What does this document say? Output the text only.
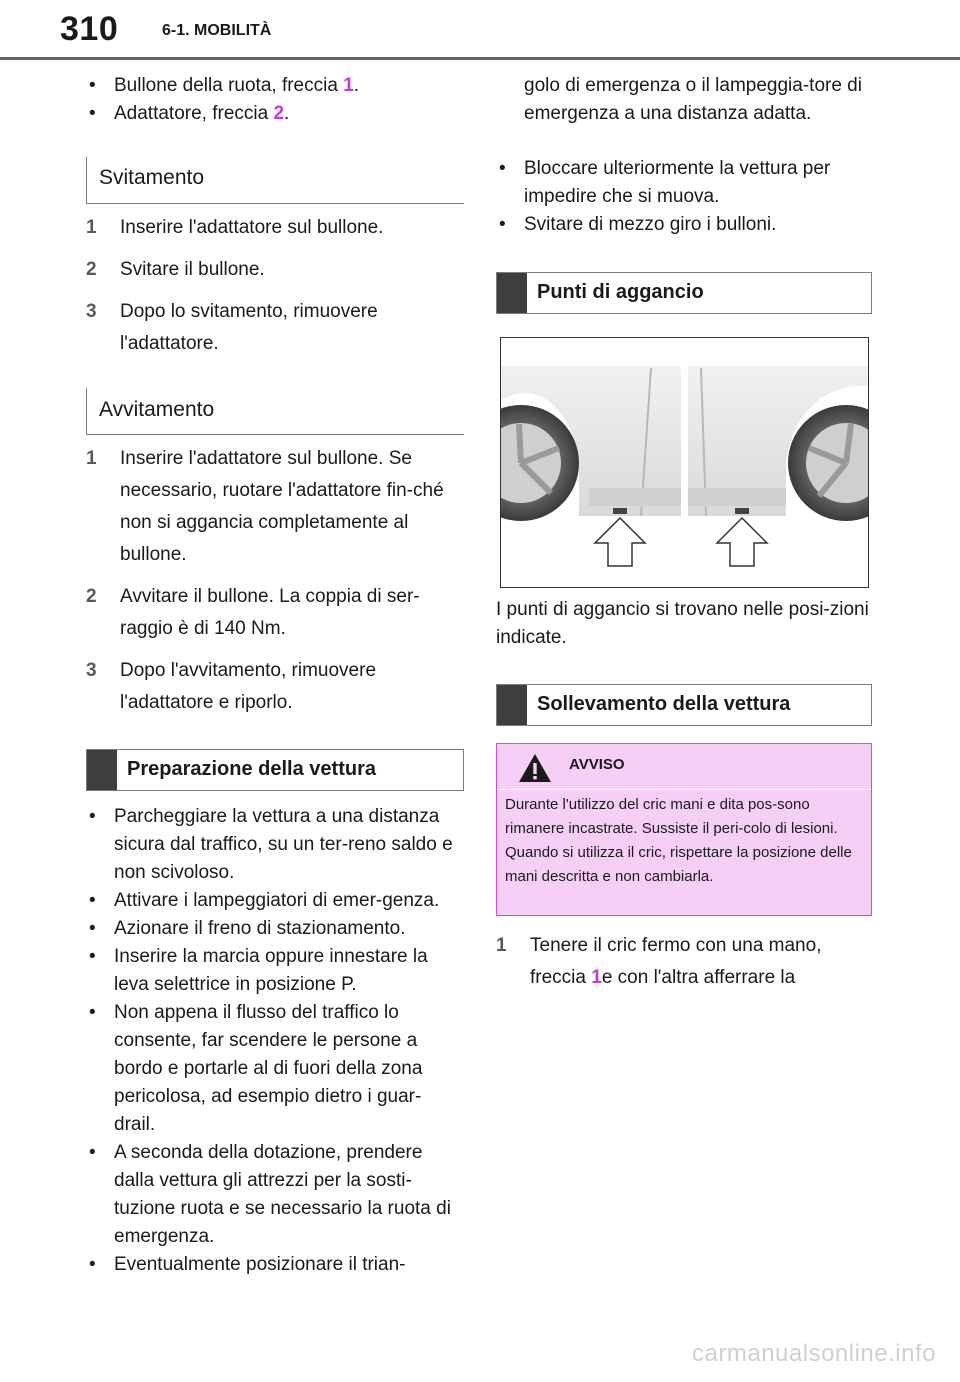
310	6-1. MOBILITÀ
• Bullone della ruota, freccia 1.
• Adattatore, freccia 2.
Svitamento
1 Inserire l'adattatore sul bullone.
2 Svitare il bullone.
3 Dopo lo svitamento, rimuovere l'adattatore.
Avvitamento
1 Inserire l'adattatore sul bullone. Se necessario, ruotare l'adattatore fin-ché non si aggancia completamente al bullone.
2 Avvitare il bullone. La coppia di ser-raggio è di 140 Nm.
3 Dopo l'avvitamento, rimuovere l'adattatore e riporlo.
Preparazione della vettura
• Parcheggiare la vettura a una distanza sicura dal traffico, su un ter-reno saldo e non scivoloso.
• Attivare i lampeggiatori di emer-genza.
• Azionare il freno di stazionamento.
• Inserire la marcia oppure innestare la leva selettrice in posizione P.
• Non appena il flusso del traffico lo consente, far scendere le persone a bordo e portarle al di fuori della zona pericolosa, ad esempio dietro i guar-drail.
• A seconda della dotazione, prendere dalla vettura gli attrezzi per la sosti-tuzione ruota e se necessario la ruota di emergenza.
• Eventualmente posizionare il trian-
golo di emergenza o il lampeggia-tore di emergenza a una distanza adatta.
• Bloccare ulteriormente la vettura per impedire che si muova.
• Svitare di mezzo giro i bulloni.
Punti di aggancio
I punti di aggancio si trovano nelle posi-zioni indicate.
Sollevamento della vettura
AVVISO
Durante l'utilizzo del cric mani e dita pos-sono rimanere incastrate. Sussiste il peri-colo di lesioni. Quando si utilizza il cric, rispettare la posizione delle mani descritta e non cambiarla.
1 Tenere il cric fermo con una mano,
freccia 1e con l'altra afferrare la
carmanualsonline.info
